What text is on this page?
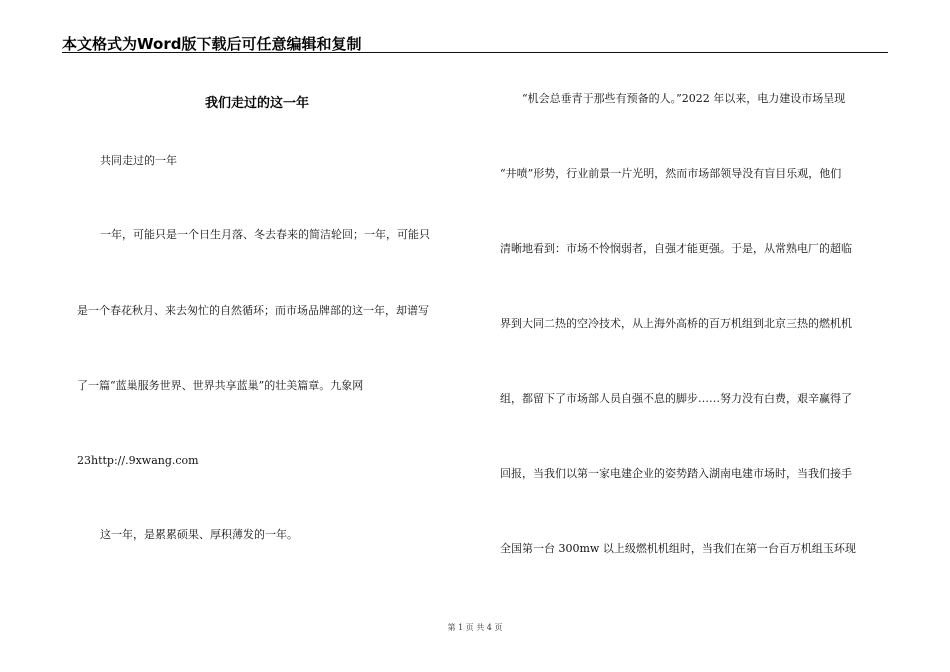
本文格式为Word版下载后可任意编辑和复制
我们走过的这一年
共同走过的一年
一年，可能只是一个日生月落、冬去春来的简洁轮回；一年，可能只
是一个春花秋月、来去匆忙的自然循环；而市场品牌部的这一年，却谱写
了一篇“蓝巢服务世界、世界共享蓝巢”的壮美篇章。九象网
23http://.9xwang.com
这一年，是累累硕果、厚积薄发的一年。
“机会总垂青于那些有预备的人。”2022 年以来，电力建设市场呈现
“井喷”形势，行业前景一片光明，然而市场部领导没有盲目乐观，他们
清晰地看到：市场不怜悯弱者，自强才能更强。于是，从常熟电厂的超临
界到大同二热的空冷技术，从上海外高桥的百万机组到北京三热的燃机机
组，都留下了市场部人员自强不息的脚步……努力没有白费，艰辛赢得了
回报，当我们以第一家电建企业的姿势踏入湖南电建市场时，当我们接手
全国第一台 300mw 以上级燃机机组时，当我们在第一台百万机组玉环现
第 1 页 共 4 页
